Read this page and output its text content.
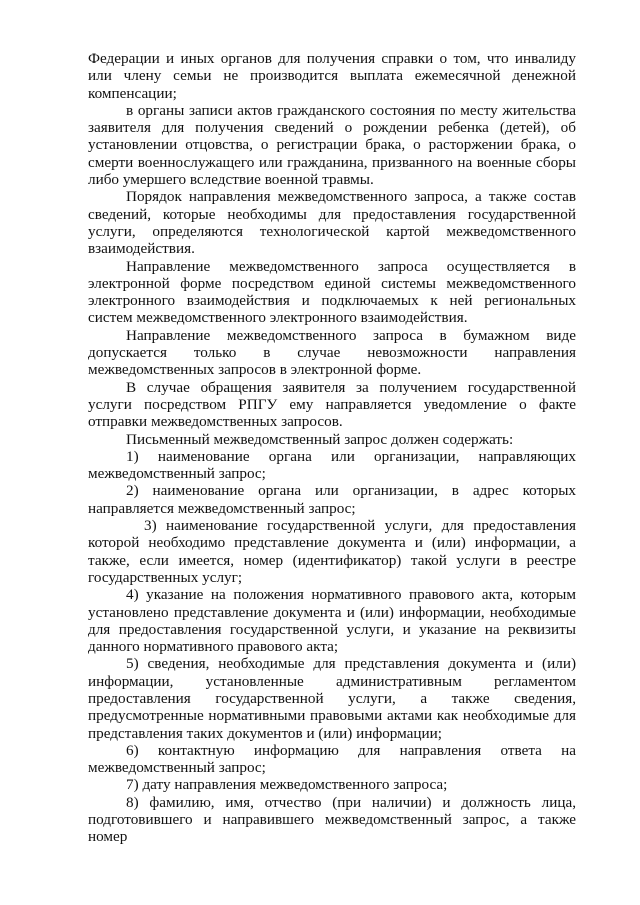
Федерации и иных органов для получения справки о том, что инвалиду или члену семьи не производится выплата ежемесячной денежной компенсации;

в органы записи актов гражданского состояния по месту жительства заявителя для получения сведений о рождении ребенка (детей), об установлении отцовства, о регистрации брака, о расторжении брака, о смерти военнослужащего или гражданина, призванного на военные сборы либо умершего вследствие военной травмы.

Порядок направления межведомственного запроса, а также состав сведений, которые необходимы для предоставления государственной услуги, определяются технологической картой межведомственного взаимодействия.

Направление межведомственного запроса осуществляется в электронной форме посредством единой системы межведомственного электронного взаимодействия и подключаемых к ней региональных систем межведомственного электронного взаимодействия.

Направление межведомственного запроса в бумажном виде допускается только в случае невозможности направления межведомственных запросов в электронной форме.

В случае обращения заявителя за получением государственной услуги посредством РПГУ ему направляется уведомление о факте отправки межведомственных запросов.

Письменный межведомственный запрос должен содержать:

1) наименование органа или организации, направляющих межведомственный запрос;

2) наименование органа или организации, в адрес которых направляется межведомственный запрос;

3) наименование государственной услуги, для предоставления которой необходимо представление документа и (или) информации, а также, если имеется, номер (идентификатор) такой услуги в реестре государственных услуг;

4) указание на положения нормативного правового акта, которым установлено представление документа и (или) информации, необходимые для предоставления государственной услуги, и указание на реквизиты данного нормативного правового акта;

5) сведения, необходимые для представления документа и (или) информации, установленные административным регламентом предоставления государственной услуги, а также сведения, предусмотренные нормативными правовыми актами как необходимые для представления таких документов и (или) информации;

6) контактную информацию для направления ответа на межведомственный запрос;

7) дату направления межведомственного запроса;

8) фамилию, имя, отчество (при наличии) и должность лица, подготовившего и направившего межведомственный запрос, а также номер
